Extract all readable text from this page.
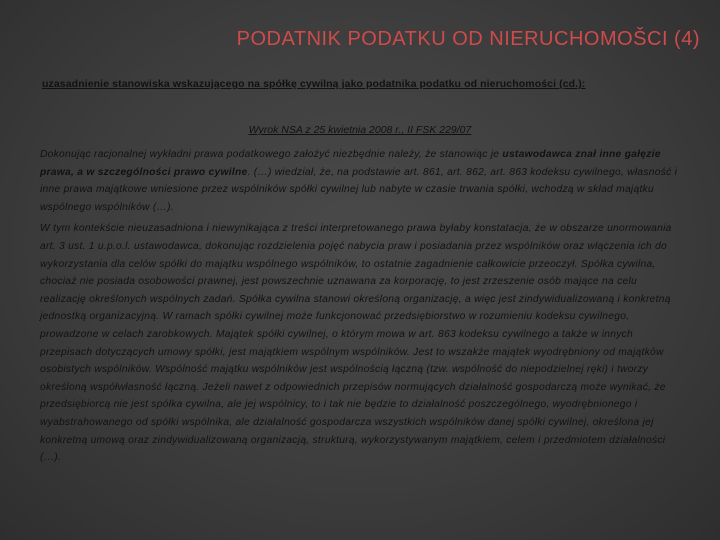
PODATNIK PODATKU OD NIERUCHOMOŠCI (4)
uzasadnienie stanowiska wskazującego na spółkę cywilną jako podatnika podatku od nieruchomości (cd.):
Wyrok NSA z 25 kwietnia 2008 r., II FSK 229/07

Dokonując racjonalnej wykładni prawa podatkowego założyć niezbędnie należy, że stanowiąc je ustawodawca znał inne gałęzie prawa, a w szczególności prawo cywilne. (…) wiedział, że, na podstawie art. 861, art. 862, art. 863 kodeksu cywilnego, własność i inne prawa majątkowe wniesione przez wspólników spółki cywilnej lub nabyte w czasie trwania spółki, wchodzą w skład majątku wspólnego wspólników (…).

W tym kontekście nieuzasadniona i niewynikająca z treści interpretowanego prawa byłaby konstatacja, że w obszarze unormowania art. 3 ust. 1 u.p.o.l. ustawodawca, dokonując rozdzielenia pojęć nabycia praw i posiadania przez wspólników oraz włączenia ich do wykorzystania dla celów spółki do majątku wspólnego wspólników, to ostatnie zagadnienie całkowicie przeoczył. Spółka cywilna, chociaż nie posiada osobowości prawnej, jest powszechnie uznawana za korporację, to jest zrzeszenie osób mające na celu realizację określonych wspólnych zadań. Spółka cywilna stanowi określoną organizację, a więc jest zindywidualizowaną i konkretną jednostką organizacyjną. W ramach spółki cywilnej może funkcjonować przedsiębiorstwo w rozumieniu kodeksu cywilnego, prowadzone w celach zarobkowych. Majątek spółki cywilnej, o którym mowa w art. 863 kodeksu cywilnego a także w innych przepisach dotyczących umowy spółki, jest majątkiem wspólnym wspólników. Jest to wszakże majątek wyodrębniony od majątków osobistych wspólników. Wspólność majątku wspólników jest wspólnością łączną (tzw. wspólność do niepodzielnej ręki) i tworzy określoną współwłasność łączną. Jeżeli nawet z odpowiednich przepisów normujących działalność gospodarczą może wynikać, że przedsiębiorcą nie jest spółka cywilna, ale jej wspólnicy, to i tak nie będzie to działalność poszczególnego, wyodrębnionego i wyabstrahowanego od spółki wspólnika, ale działalność gospodarcza wszystkich wspólników danej spółki cywilnej, określona jej konkretną umową oraz zindywidualizowaną organizacją, strukturą, wykorzystywanym majątkiem, celem i przedmiotem działalności (…).
